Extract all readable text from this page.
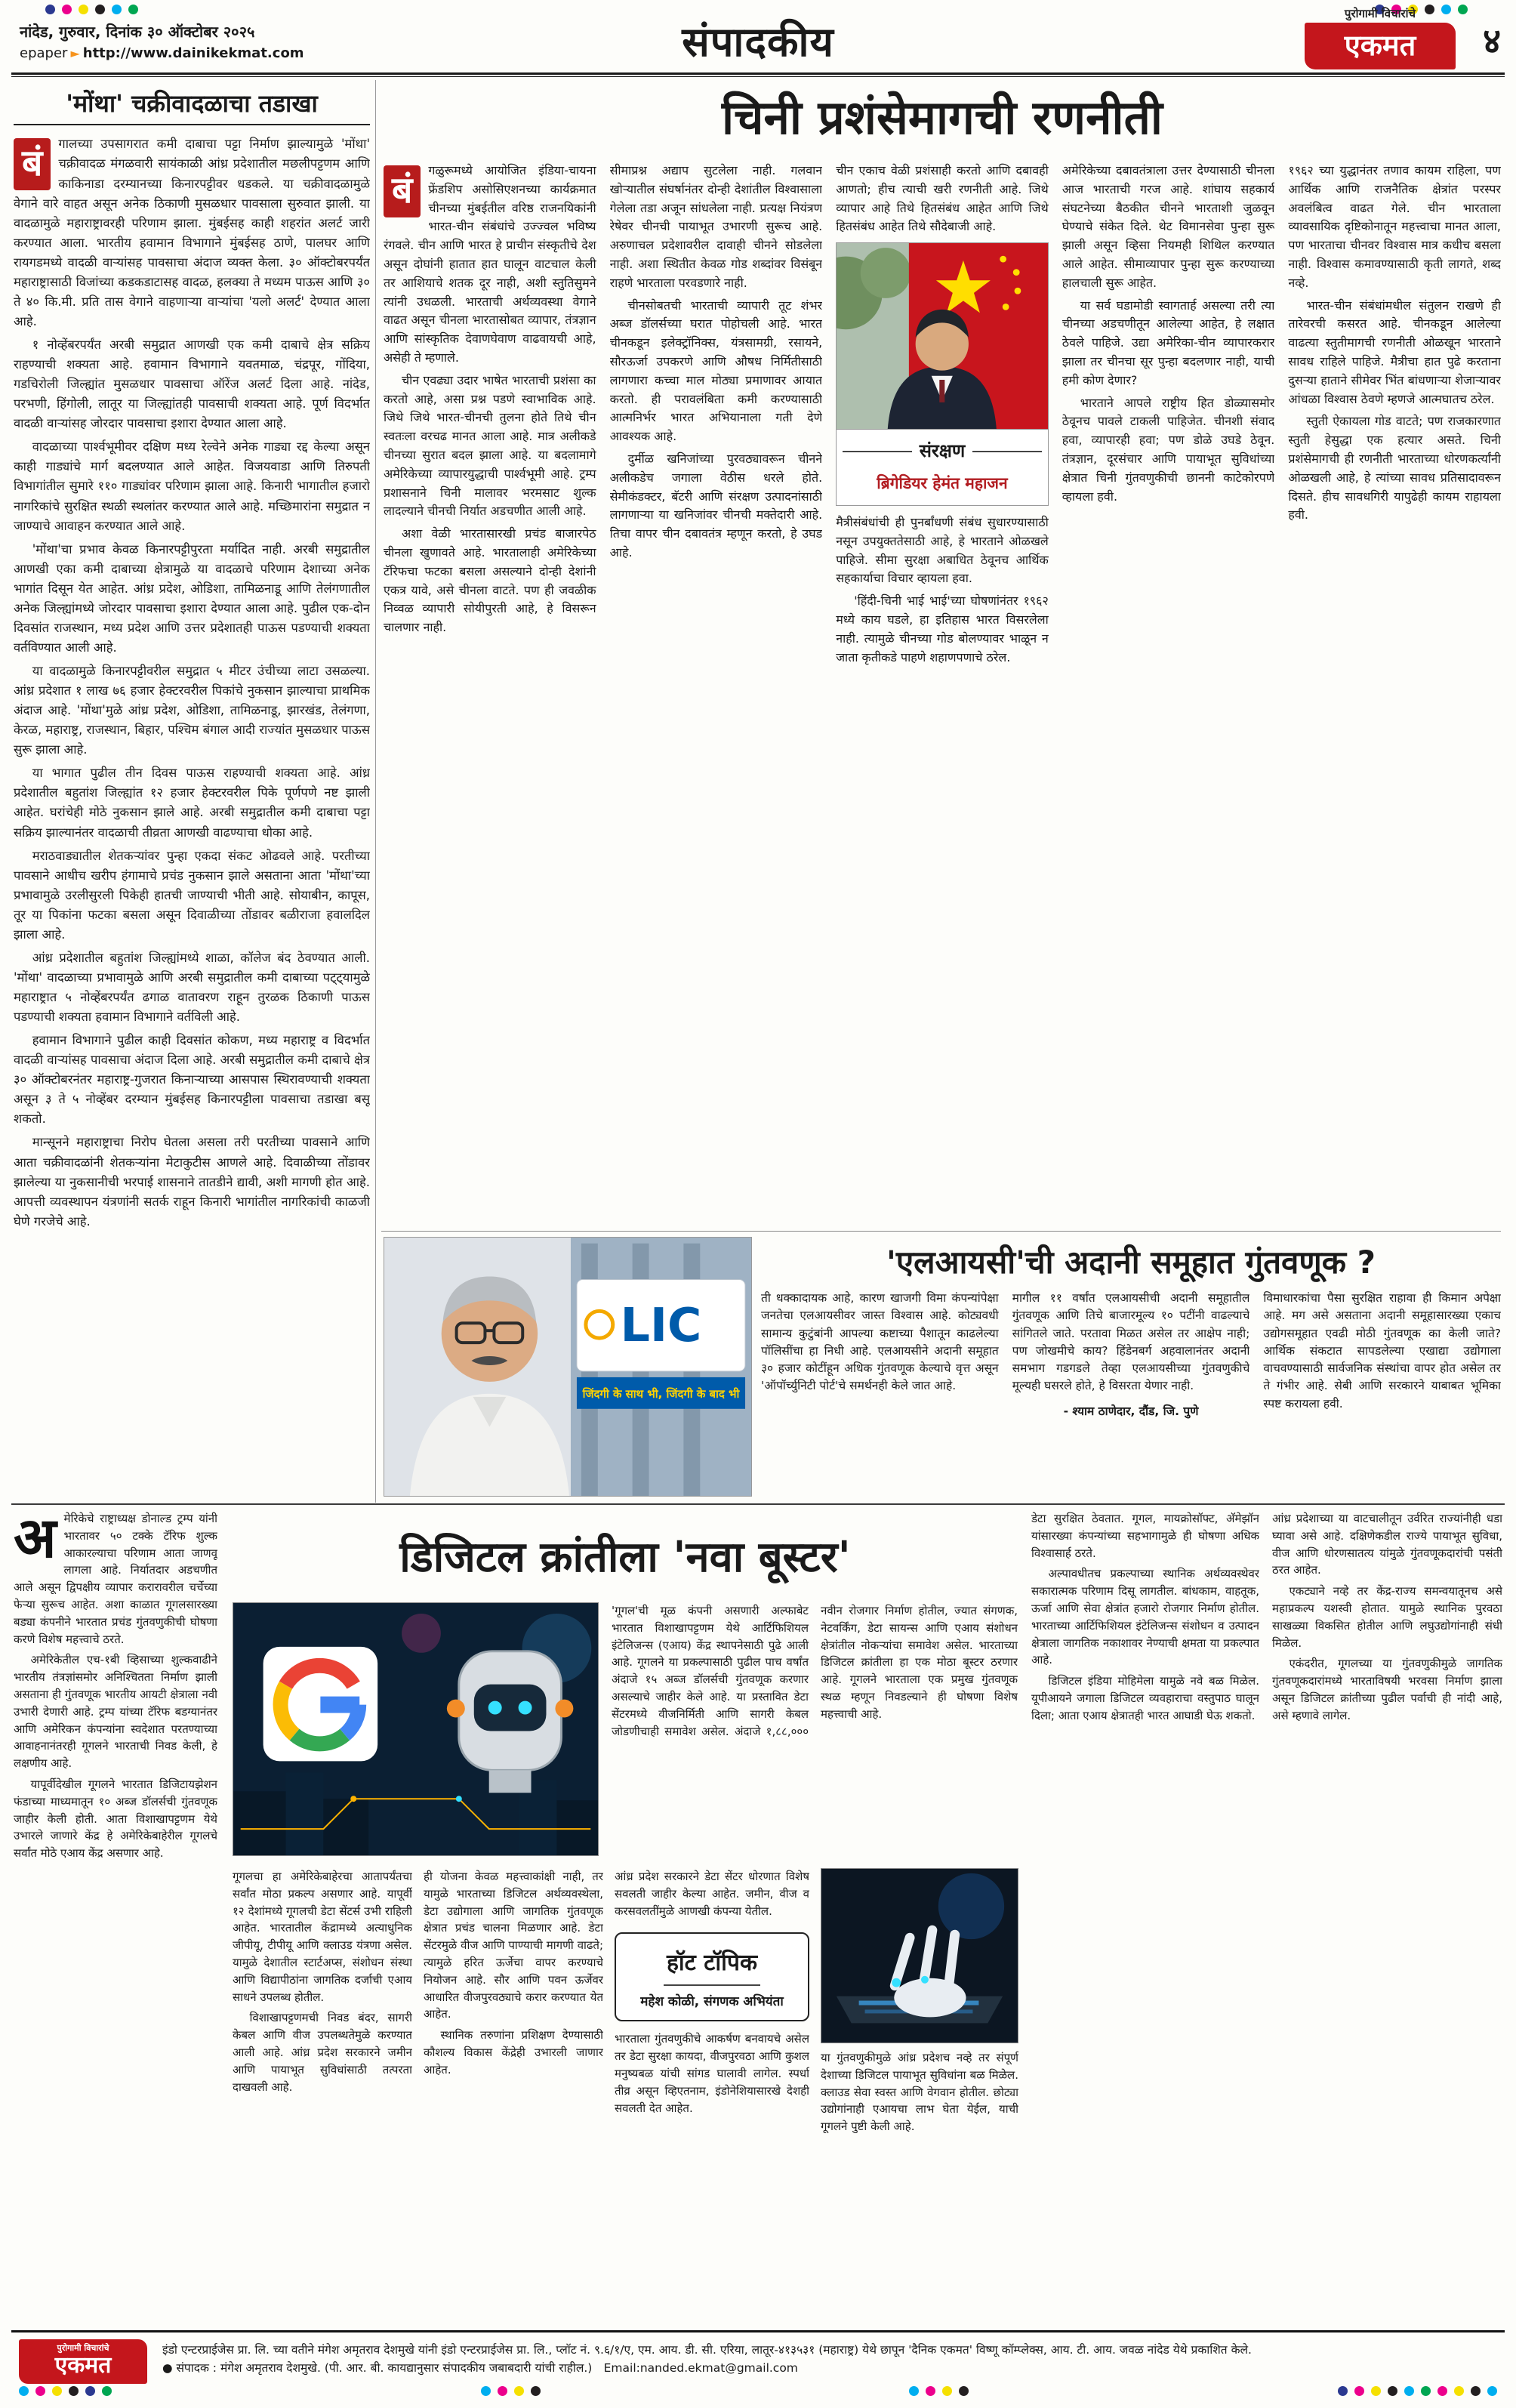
नांदेड, गुरुवार, दिनांक ३० ऑक्टोबर २०२५
epaper ► http://www.dainikekmat.com	संपादकीय
पुरोगामी विचारांचे
एकमत	४
'मोंथा' चक्रीवादळाचा तडाखा
बं	गालच्या उपसागरात कमी दाबाचा पट्टा निर्माण झाल्यामुळे 'मोंथा' चक्रीवादळ मंगळवारी सायंकाळी आंध्र प्रदेशातील मछलीपट्टणम आणि काकिनाडा दरम्यानच्या किनारपट्टीवर धडकले. या चक्रीवादळामुळे वेगाने वारे वाहत असून अनेक ठिकाणी मुसळधार पावसाला सुरुवात झाली. या वादळामुळे महाराष्ट्रावरही परिणाम झाला. मुंबईसह काही शहरांत अलर्ट जारी करण्यात आला. भारतीय हवामान विभागाने मुंबईसह ठाणे, पालघर आणि रायगडमध्ये वादळी वाऱ्यांसह पावसाचा अंदाज व्यक्त केला. ३० ऑक्टोबरपर्यंत महाराष्ट्रासाठी विजांच्या कडकडाटासह वादळ, हलक्या ते मध्यम पाऊस आणि ३० ते ४० कि.मी. प्रति तास वेगाने वाहणाऱ्या वाऱ्यांचा 'यलो अलर्ट' देण्यात आला आहे.

१ नोव्हेंबरपर्यंत अरबी समुद्रात आणखी एक कमी दाबाचे क्षेत्र सक्रिय राहण्याची शक्यता आहे. हवामान विभागाने यवतमाळ, चंद्रपूर, गोंदिया, गडचिरोली जिल्ह्यांत मुसळधार पावसाचा ऑरेंज अलर्ट दिला आहे. नांदेड, परभणी, हिंगोली, लातूर या जिल्ह्यांतही पावसाची शक्यता आहे. पूर्ण विदर्भात वादळी वाऱ्यांसह जोरदार पावसाचा इशारा देण्यात आला आहे.

वादळाच्या पार्श्वभूमीवर दक्षिण मध्य रेल्वेने अनेक गाड्या रद्द केल्या असून काही गाड्यांचे मार्ग बदलण्यात आले आहेत. विजयवाडा आणि तिरुपती विभागांतील सुमारे ११० गाड्यांवर परिणाम झाला आहे. किनारी भागातील हजारो नागरिकांचे सुरक्षित स्थळी स्थलांतर करण्यात आले आहे. मच्छिमारांना समुद्रात न जाण्याचे आवाहन करण्यात आले आहे.

'मोंथा'चा प्रभाव केवळ किनारपट्टीपुरता मर्यादित नाही. अरबी समुद्रातील आणखी एका कमी दाबाच्या क्षेत्रामुळे या वादळाचे परिणाम देशाच्या अनेक भागांत दिसून येत आहेत. आंध्र प्रदेश, ओडिशा, तामिळनाडू आणि तेलंगणातील अनेक जिल्ह्यांमध्ये जोरदार पावसाचा इशारा देण्यात आला आहे. पुढील एक-दोन दिवसांत राजस्थान, मध्य प्रदेश आणि उत्तर प्रदेशातही पाऊस पडण्याची शक्यता वर्तविण्यात आली आहे.

या वादळामुळे किनारपट्टीवरील समुद्रात ५ मीटर उंचीच्या लाटा उसळल्या. आंध्र प्रदेशात १ लाख ७६ हजार हेक्टरवरील पिकांचे नुकसान झाल्याचा प्राथमिक अंदाज आहे. 'मोंथा'मुळे आंध्र प्रदेश, ओडिशा, तामिळनाडू, झारखंड, तेलंगणा, केरळ, महाराष्ट्र, राजस्थान, बिहार, पश्चिम बंगाल आदी राज्यांत मुसळधार पाऊस सुरू झाला आहे.

या भागात पुढील तीन दिवस पाऊस राहण्याची शक्यता आहे. आंध्र प्रदेशातील बहुतांश जिल्ह्यांत १२ हजार हेक्टरवरील पिके पूर्णपणे नष्ट झाली आहेत. घरांचेही मोठे नुकसान झाले आहे. अरबी समुद्रातील कमी दाबाचा पट्टा सक्रिय झाल्यानंतर वादळाची तीव्रता आणखी वाढण्याचा धोका आहे.

मराठवाड्यातील शेतकऱ्यांवर पुन्हा एकदा संकट ओढवले आहे. परतीच्या पावसाने आधीच खरीप हंगामाचे प्रचंड नुकसान झाले असताना आता 'मोंथा'च्या प्रभावामुळे उरलीसुरली पिकेही हातची जाण्याची भीती आहे. सोयाबीन, कापूस, तूर या पिकांना फटका बसला असून दिवाळीच्या तोंडावर बळीराजा हवालदिल झाला आहे.

आंध्र प्रदेशातील बहुतांश जिल्ह्यांमध्ये शाळा, कॉलेज बंद ठेवण्यात आली. 'मोंथा' वादळाच्या प्रभावामुळे आणि अरबी समुद्रातील कमी दाबाच्या पट्ट्यामुळे महाराष्ट्रात ५ नोव्हेंबरपर्यंत ढगाळ वातावरण राहून तुरळक ठिकाणी पाऊस पडण्याची शक्यता हवामान विभागाने वर्तविली आहे.

हवामान विभागाने पुढील काही दिवसांत कोकण, मध्य महाराष्ट्र व विदर्भात वादळी वाऱ्यांसह पावसाचा अंदाज दिला आहे. अरबी समुद्रातील कमी दाबाचे क्षेत्र ३० ऑक्टोबरनंतर महाराष्ट्र-गुजरात किनाऱ्याच्या आसपास स्थिरावण्याची शक्यता असून ३ ते ५ नोव्हेंबर दरम्यान मुंबईसह किनारपट्टीला पावसाचा तडाखा बसू शकतो.

मान्सूनने महाराष्ट्राचा निरोप घेतला असला तरी परतीच्या पावसाने आणि आता चक्रीवादळांनी शेतकऱ्यांना मेटाकुटीस आणले आहे. दिवाळीच्या तोंडावर झालेल्या या नुकसानीची भरपाई शासनाने तातडीने द्यावी, अशी मागणी होत आहे. आपत्ती व्यवस्थापन यंत्रणांनी सतर्क राहून किनारी भागांतील नागरिकांची काळजी घेणे गरजेचे आहे.

चिनी प्रशंसेमागची रणनीती
बं	गळुरूमध्ये आयोजित इंडिया-चायना फ्रेंडशिप असोसिएशनच्या कार्यक्रमात चीनच्या मुंबईतील वरिष्ठ राजनयिकांनी भारत-चीन संबंधांचे उज्ज्वल भविष्य रंगवले. चीन आणि भारत हे प्राचीन संस्कृतीचे देश असून दोघांनी हातात हात घालून वाटचाल केली तर आशियाचे शतक दूर नाही, अशी स्तुतिसुमने त्यांनी उधळली. भारताची अर्थव्यवस्था वेगाने वाढत असून चीनला भारतासोबत व्यापार, तंत्रज्ञान आणि सांस्कृतिक देवाणघेवाण वाढवायची आहे, असेही ते म्हणाले.

चीन एवढ्या उदार भाषेत भारताची प्रशंसा का करतो आहे, असा प्रश्न पडणे स्वाभाविक आहे. जिथे जिथे भारत-चीनची तुलना होते तिथे चीन स्वतःला वरचढ मानत आला आहे. मात्र अलीकडे चीनच्या सुरात बदल झाला आहे. या बदलामागे अमेरिकेच्या व्यापारयुद्धाची पार्श्वभूमी आहे. ट्रम्प प्रशासनाने चिनी मालावर भरमसाट शुल्क लादल्याने चीनची निर्यात अडचणीत आली आहे.

अशा वेळी भारतासारखी प्रचंड बाजारपेठ चीनला खुणावते आहे. भारतालाही अमेरिकेच्या टॅरिफचा फटका बसला असल्याने दोन्ही देशांनी एकत्र यावे, असे चीनला वाटते. पण ही जवळीक निव्वळ व्यापारी सोयीपुरती आहे, हे विसरून चालणार नाही.

सीमाप्रश्न अद्याप सुटलेला नाही. गलवान खोऱ्यातील संघर्षानंतर दोन्ही देशांतील विश्वासाला गेलेला तडा अजून सांधलेला नाही. प्रत्यक्ष नियंत्रण रेषेवर चीनची पायाभूत उभारणी सुरूच आहे. अरुणाचल प्रदेशावरील दावाही चीनने सोडलेला नाही. अशा स्थितीत केवळ गोड शब्दांवर विसंबून राहणे भारताला परवडणारे नाही.

चीनसोबतची भारताची व्यापारी तूट शंभर अब्ज डॉलर्सच्या घरात पोहोचली आहे. भारत चीनकडून इलेक्ट्रॉनिक्स, यंत्रसामग्री, रसायने, सौरऊर्जा उपकरणे आणि औषध निर्मितीसाठी लागणारा कच्चा माल मोठ्या प्रमाणावर आयात करतो. ही परावलंबिता कमी करण्यासाठी आत्मनिर्भर भारत अभियानाला गती देणे आवश्यक आहे.

दुर्मीळ खनिजांच्या पुरवठ्यावरून चीनने अलीकडेच जगाला वेठीस धरले होते. सेमीकंडक्टर, बॅटरी आणि संरक्षण उत्पादनांसाठी लागणाऱ्या या खनिजांवर चीनची मक्तेदारी आहे. तिचा वापर चीन दबावतंत्र म्हणून करतो, हे उघड आहे.

चीन एकाच वेळी प्रशंसाही करतो आणि दबावही आणतो; हीच त्याची खरी रणनीती आहे. जिथे व्यापार आहे तिथे हितसंबंध आहेत आणि जिथे हितसंबंध आहेत तिथे सौदेबाजी आहे.

संरक्षण
ब्रिगेडियर हेमंत महाजन

मैत्रीसंबंधांची ही पुनर्बांधणी संबंध सुधारण्यासाठी नसून उपयुक्ततेसाठी आहे, हे भारताने ओळखले पाहिजे. सीमा सुरक्षा अबाधित ठेवूनच आर्थिक सहकार्याचा विचार व्हायला हवा.

'हिंदी-चिनी भाई भाई'च्या घोषणांनंतर १९६२ मध्ये काय घडले, हा इतिहास भारत विसरलेला नाही. त्यामुळे चीनच्या गोड बोलण्यावर भाळून न जाता कृतीकडे पाहणे शहाणपणाचे ठरेल.

अमेरिकेच्या दबावतंत्राला उत्तर देण्यासाठी चीनला आज भारताची गरज आहे. शांघाय सहकार्य संघटनेच्या बैठकीत चीनने भारताशी जुळवून घेण्याचे संकेत दिले. थेट विमानसेवा पुन्हा सुरू झाली असून व्हिसा नियमही शिथिल करण्यात आले आहेत. सीमाव्यापार पुन्हा सुरू करण्याच्या हालचाली सुरू आहेत.

या सर्व घडामोडी स्वागतार्ह असल्या तरी त्या चीनच्या अडचणीतून आलेल्या आहेत, हे लक्षात ठेवले पाहिजे. उद्या अमेरिका-चीन व्यापारकरार झाला तर चीनचा सूर पुन्हा बदलणार नाही, याची हमी कोण देणार?

भारताने आपले राष्ट्रीय हित डोळ्यासमोर ठेवूनच पावले टाकली पाहिजेत. चीनशी संवाद हवा, व्यापारही हवा; पण डोळे उघडे ठेवून. तंत्रज्ञान, दूरसंचार आणि पायाभूत सुविधांच्या क्षेत्रात चिनी गुंतवणुकीची छाननी काटेकोरपणे व्हायला हवी.

१९६२ च्या युद्धानंतर तणाव कायम राहिला, पण आर्थिक आणि राजनैतिक क्षेत्रांत परस्पर अवलंबित्व वाढत गेले. चीन भारताला व्यावसायिक दृष्टिकोनातून महत्त्वाचा मानत आला, पण भारताचा चीनवर विश्वास मात्र कधीच बसला नाही. विश्वास कमावण्यासाठी कृती लागते, शब्द नव्हे.

भारत-चीन संबंधांमधील संतुलन राखणे ही तारेवरची कसरत आहे. चीनकडून आलेल्या वाढत्या स्तुतीमागची रणनीती ओळखून भारताने सावध राहिले पाहिजे. मैत्रीचा हात पुढे करताना दुसऱ्या हाताने सीमेवर भिंत बांधणाऱ्या शेजाऱ्यावर आंधळा विश्वास ठेवणे म्हणजे आत्मघातच ठरेल.

स्तुती ऐकायला गोड वाटते; पण राजकारणात स्तुती हेसुद्धा एक हत्यार असते. चिनी प्रशंसेमागची ही रणनीती भारताच्या धोरणकर्त्यांनी ओळखली आहे, हे त्यांच्या सावध प्रतिसादावरून दिसते. हीच सावधगिरी यापुढेही कायम राहायला हवी.

LIC
जिंदगी के साथ भी, जिंदगी के बाद भी
'एलआयसी'ची अदानी समूहात गुंतवणूक ?

ती धक्कादायक आहे, कारण खाजगी विमा कंपन्यांपेक्षा जनतेचा एलआयसीवर जास्त विश्वास आहे. कोट्यवधी सामान्य कुटुंबांनी आपल्या कष्टाच्या पैशातून काढलेल्या पॉलिसींचा हा निधी आहे. एलआयसीने अदानी समूहात ३० हजार कोटींहून अधिक गुंतवणूक केल्याचे वृत्त असून 'ऑपॉर्च्युनिटी पोर्ट'चे समर्थनही केले जात आहे.

मागील ११ वर्षांत एलआयसीची अदानी समूहातील गुंतवणूक आणि तिचे बाजारमूल्य १० पटींनी वाढल्याचे सांगितले जाते. परतावा मिळत असेल तर आक्षेप नाही; पण जोखमीचे काय? हिंडेनबर्ग अहवालानंतर अदानी समभाग गडगडले तेव्हा एलआयसीच्या गुंतवणुकीचे मूल्यही घसरले होते, हे विसरता येणार नाही.

- श्याम ठाणेदार, दौंड, जि. पुणे

विमाधारकांचा पैसा सुरक्षित राहावा ही किमान अपेक्षा आहे. मग असे असताना अदानी समूहासारख्या एकाच उद्योगसमूहात एवढी मोठी गुंतवणूक का केली जाते? आर्थिक संकटात सापडलेल्या एखाद्या उद्योगाला वाचवण्यासाठी सार्वजनिक संस्थांचा वापर होत असेल तर ते गंभीर आहे. सेबी आणि सरकारने याबाबत भूमिका स्पष्ट करायला हवी.

अ मेरिकेचे राष्ट्राध्यक्ष डोनाल्ड ट्रम्प यांनी भारतावर ५० टक्के टॅरिफ शुल्क आकारल्याचा परिणाम आता जाणवू लागला आहे. निर्यातदार अडचणीत आले असून द्विपक्षीय व्यापार करारावरील चर्चेच्या फेऱ्या सुरूच आहेत. अशा काळात गूगलसारख्या बड्या कंपनीने भारतात प्रचंड गुंतवणुकीची घोषणा करणे विशेष महत्त्वाचे ठरते.

अमेरिकेतील एच-१बी व्हिसाच्या शुल्कवाढीने भारतीय तंत्रज्ञांसमोर अनिश्चितता निर्माण झाली असताना ही गुंतवणूक भारतीय आयटी क्षेत्राला नवी उभारी देणारी आहे. ट्रम्प यांच्या टॅरिफ बडग्यानंतर आणि अमेरिकन कंपन्यांना स्वदेशात परतण्याच्या आवाहनानंतरही गूगलने भारताची निवड केली, हे लक्षणीय आहे.

यापूर्वीदेखील गूगलने भारतात डिजिटायझेशन फंडाच्या माध्यमातून १० अब्ज डॉलर्सची गुंतवणूक जाहीर केली होती. आता विशाखापट्टणम येथे उभारले जाणारे केंद्र हे अमेरिकेबाहेरील गूगलचे सर्वांत मोठे एआय केंद्र असणार आहे.

डिजिटल क्रांतीला 'नवा बूस्टर'

'गूगल'ची मूळ कंपनी असणारी अल्फाबेट भारतात विशाखापट्टणम येथे आर्टिफिशियल इंटेलिजन्स (एआय) केंद्र स्थापनेसाठी पुढे आली आहे. गूगलने या प्रकल्पासाठी पुढील पाच वर्षांत अंदाजे १५ अब्ज डॉलर्सची गुंतवणूक करणार असल्याचे जाहीर केले आहे. या प्रस्तावित डेटा सेंटरमध्ये वीजनिर्मिती आणि सागरी केबल जोडणीचाही समावेश असेल. अंदाजे १,८८,००० नवीन रोजगार निर्माण होतील, ज्यात संगणक, नेटवर्किंग, डेटा सायन्स आणि एआय संशोधन क्षेत्रांतील नोकऱ्यांचा समावेश असेल. भारताच्या डिजिटल क्रांतीला हा एक मोठा बूस्टर ठरणार आहे. गूगलने भारताला एक प्रमुख गुंतवणूक स्थळ म्हणून निवडल्याने ही घोषणा विशेष महत्त्वाची आहे.

गूगलचा हा अमेरिकेबाहेरचा आतापर्यंतचा सर्वांत मोठा प्रकल्प असणार आहे. यापूर्वी १२ देशांमध्ये गूगलची डेटा सेंटर्स उभी राहिली आहेत. भारतातील केंद्रामध्ये अत्याधुनिक जीपीयू, टीपीयू आणि क्लाउड यंत्रणा असेल. यामुळे देशातील स्टार्टअप्स, संशोधन संस्था आणि विद्यापीठांना जागतिक दर्जाची एआय साधने उपलब्ध होतील.

विशाखापट्टणमची निवड बंदर, सागरी केबल आणि वीज उपलब्धतेमुळे करण्यात आली आहे. आंध्र प्रदेश सरकारने जमीन आणि पायाभूत सुविधांसाठी तत्परता दाखवली आहे.

ही योजना केवळ महत्त्वाकांक्षी नाही, तर यामुळे भारताच्या डिजिटल अर्थव्यवस्थेला, डेटा उद्योगाला आणि जागतिक गुंतवणूक क्षेत्रात प्रचंड चालना मिळणार आहे. डेटा सेंटरमुळे वीज आणि पाण्याची मागणी वाढते; त्यामुळे हरित ऊर्जेचा वापर करण्याचे नियोजन आहे. सौर आणि पवन ऊर्जेवर आधारित वीजपुरवठ्याचे करार करण्यात येत आहेत.

स्थानिक तरुणांना प्रशिक्षण देण्यासाठी कौशल्य विकास केंद्रेही उभारली जाणार आहेत.

आंध्र प्रदेश सरकारने डेटा सेंटर धोरणात विशेष सवलती जाहीर केल्या आहेत. जमीन, वीज व करसवलतींमुळे आणखी कंपन्या येतील.

हॉट टॉपिक
महेश कोळी, संगणक अभियंता

भारताला गुंतवणुकीचे आकर्षण बनवायचे असेल तर डेटा सुरक्षा कायदा, वीजपुरवठा आणि कुशल मनुष्यबळ यांची सांगड घालावी लागेल. स्पर्धा तीव्र असून व्हिएतनाम, इंडोनेशियासारखे देशही सवलती देत आहेत.

या गुंतवणुकीमुळे आंध्र प्रदेशच नव्हे तर संपूर्ण देशाच्या डिजिटल पायाभूत सुविधांना बळ मिळेल. क्लाउड सेवा स्वस्त आणि वेगवान होतील. छोट्या उद्योगांनाही एआयचा लाभ घेता येईल, याची गूगलने पुष्टी केली आहे.

डेटा सुरक्षित ठेवतात. गूगल, मायक्रोसॉफ्ट, अ‍ॅमेझॉन यांसारख्या कंपन्यांच्या सहभागामुळे ही घोषणा अधिक विश्वासार्ह ठरते.

अल्पावधीतच प्रकल्पाच्या स्थानिक अर्थव्यवस्थेवर सकारात्मक परिणाम दिसू लागतील. बांधकाम, वाहतूक, ऊर्जा आणि सेवा क्षेत्रांत हजारो रोजगार निर्माण होतील. भारताच्या आर्टिफिशियल इंटेलिजन्स संशोधन व उत्पादन क्षेत्राला जागतिक नकाशावर नेण्याची क्षमता या प्रकल्पात आहे.

डिजिटल इंडिया मोहिमेला यामुळे नवे बळ मिळेल. यूपीआयने जगाला डिजिटल व्यवहाराचा वस्तुपाठ घालून दिला; आता एआय क्षेत्रातही भारत आघाडी घेऊ शकतो.

आंध्र प्रदेशाच्या या वाटचालीतून उर्वरित राज्यांनीही धडा घ्यावा असे आहे. दक्षिणेकडील राज्ये पायाभूत सुविधा, वीज आणि धोरणसातत्य यांमुळे गुंतवणूकदारांची पसंती ठरत आहेत.

एकट्याने नव्हे तर केंद्र-राज्य समन्वयातूनच असे महाप्रकल्प यशस्वी होतात. यामुळे स्थानिक पुरवठा साखळ्या विकसित होतील आणि लघुउद्योगांनाही संधी मिळेल.

एकंदरीत, गूगलच्या या गुंतवणुकीमुळे जागतिक गुंतवणूकदारांमध्ये भारताविषयी भरवसा निर्माण झाला असून डिजिटल क्रांतीच्या पुढील पर्वाची ही नांदी आहे, असे म्हणावे लागेल.

पुरोगामी विचारांचे
एकमत
इंडो एन्टरप्राईजेस प्रा. लि. च्या वतीने मंगेश अमृतराव देशमुखे यांनी इंडो एन्टरप्राईजेस प्रा. लि., प्लॉट नं. ९.६/१/ए, एम. आय. डी. सी. एरिया, लातूर-४१३५३१ (महाराष्ट्र) येथे छापून 'दैनिक एकमत' विष्णू कॉम्प्लेक्स, आय. टी. आय. जवळ नांदेड येथे प्रकाशित केले.
● संपादक : मंगेश अमृतराव देशमुखे. (पी. आर. बी. कायद्यानुसार संपादकीय जबाबदारी यांची राहील.) Email:nanded.ekmat@gmail.com
